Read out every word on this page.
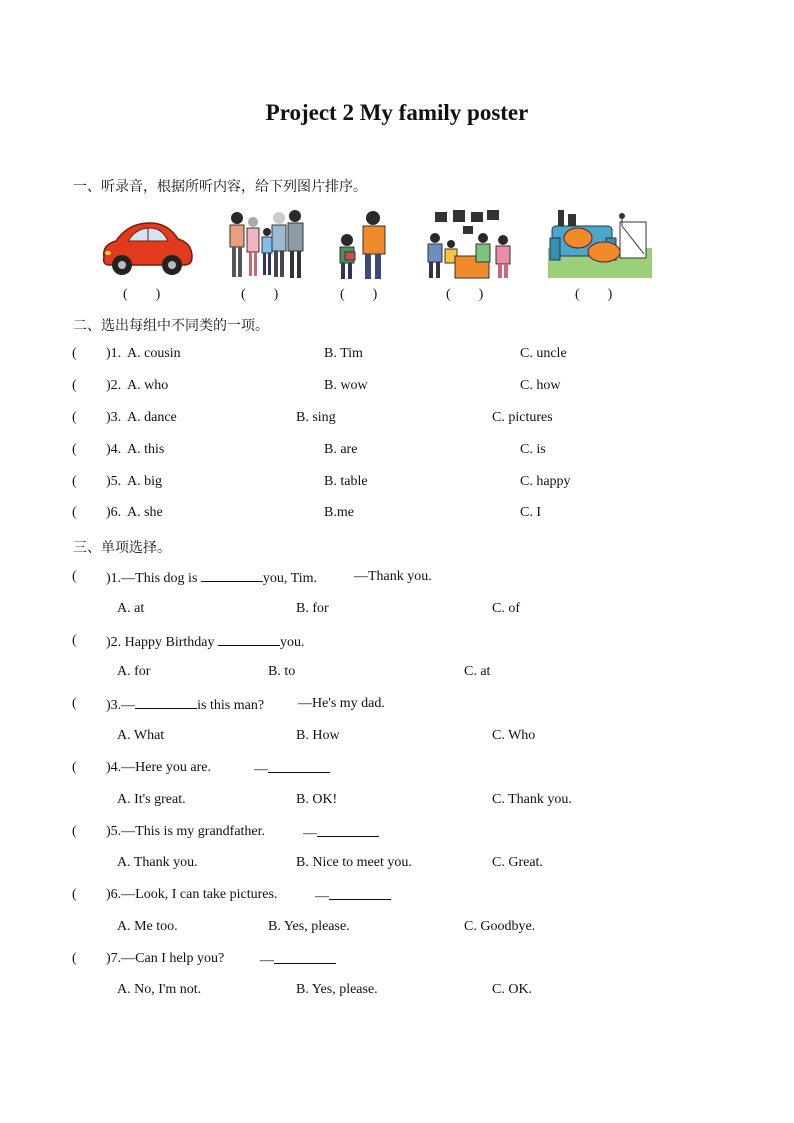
Project 2 My family poster
一、听录音，根据所听内容，给下列图片排序。
(　　)	(　　)	(　　)	(　　)	(　　)
二、选出每组中不同类的一项。
( )1. A. cousin	B. Tim	C. uncle
( )2. A. who	B. wow	C. how
( )3. A. dance	B. sing	C. pictures
( )4. A. this	B. are	C. is
( )5. A. big	B. table	C. happy
( )6. A. she	B.me	C. I
三、单项选择。
( )1.—This dog is	you, Tim.	—Thank you.
A. at	B. for	C. of
( )2. Happy Birthday	you.
A. for	B. to	C. at
( )3.—	is this man? —He's my dad.
A. What	B. How	C. Who
( )4.—Here you are.	—
A. It's great.	B. OK!	C. Thank you.
( )5.—This is my grandfather.	—
A. Thank you.	B. Nice to meet you.	C. Great.
( )6.—Look, I can take pictures.	—
A. Me too.	B. Yes, please.	C. Goodbye.
( )7.—Can I help you?	—
A. No, I'm not.	B. Yes, please.	C. OK.
